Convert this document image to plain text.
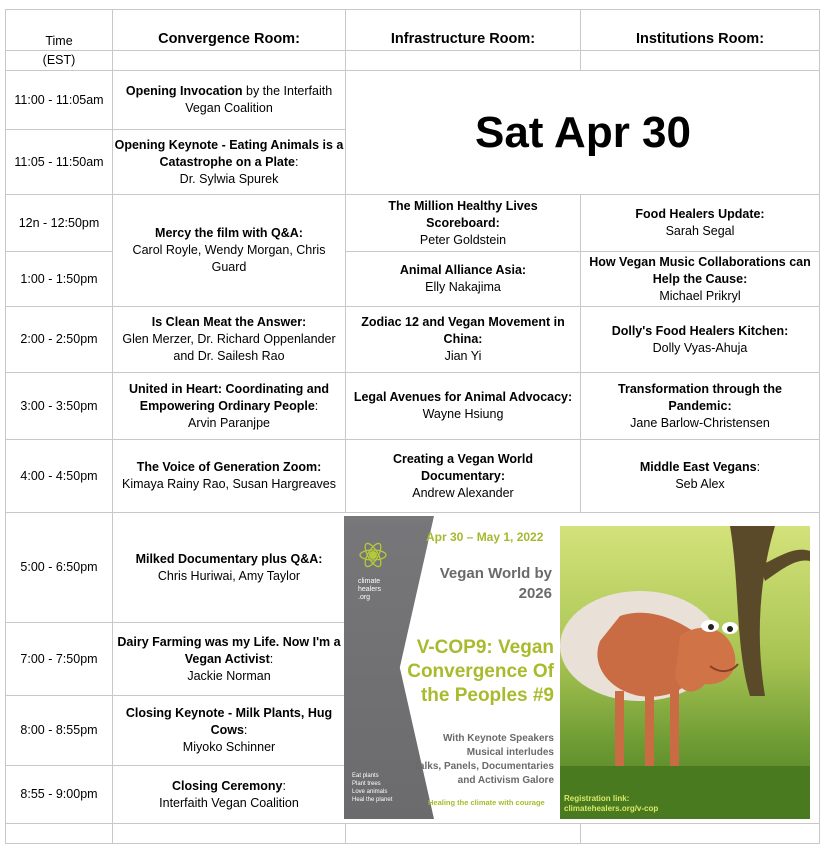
Time
(EST)
Convergence Room:	Infrastructure Room:	Institutions Room:
Sat Apr 30
11:00 - 11:05am
11:05 - 11:50am
12n - 12:50pm
1:00 - 1:50pm
2:00 - 2:50pm
3:00 - 3:50pm
4:00 - 4:50pm
5:00 - 6:50pm
7:00 - 7:50pm
8:00 - 8:55pm
8:55 - 9:00pm
Opening Invocation by the Interfaith
Vegan Coalition
Opening Keynote - Eating Animals is a Catastrophe on a Plate:
Dr. Sylwia Spurek
Mercy the film with Q&A:
Carol Royle, Wendy Morgan, Chris Guard
Is Clean Meat the Answer:
Glen Merzer, Dr. Richard Oppenlander and Dr. Sailesh Rao
United in Heart: Coordinating and Empowering Ordinary People:
Arvin Paranjpe
The Voice of Generation Zoom:
Kimaya Rainy Rao, Susan Hargreaves
Milked Documentary plus Q&A:
Chris Huriwai, Amy Taylor
Dairy Farming was my Life. Now I'm a Vegan Activist:
Jackie Norman
Closing Keynote - Milk Plants, Hug Cows:
Miyoko Schinner
Closing Ceremony:
Interfaith Vegan Coalition
The Million Healthy Lives Scoreboard:
Peter Goldstein
Animal Alliance Asia:
Elly Nakajima
Zodiac 12 and Vegan Movement in China:
Jian Yi
Legal Avenues for Animal Advocacy:
Wayne Hsiung
Creating a Vegan World Documentary:
Andrew Alexander
Food Healers Update:
Sarah Segal
How Vegan Music Collaborations can Help the Cause:
Michael Prikryl
Dolly's Food Healers Kitchen:
Dolly Vyas-Ahuja
Transformation through the Pandemic:
Jane Barlow-Christensen
Middle East Vegans:
Seb Alex
climate healers .org
Eat plants
Plant trees
Love animals
Heal the planet
Apr 30 – May 1, 2022
Vegan World by 2026
V-COP9: Vegan Convergence Of the Peoples #9
With Keynote Speakers
Musical interludes
Talks, Panels, Documentaries
and Activism Galore
Healing the climate with courage Registration link:
climatehealers.org/v-cop
